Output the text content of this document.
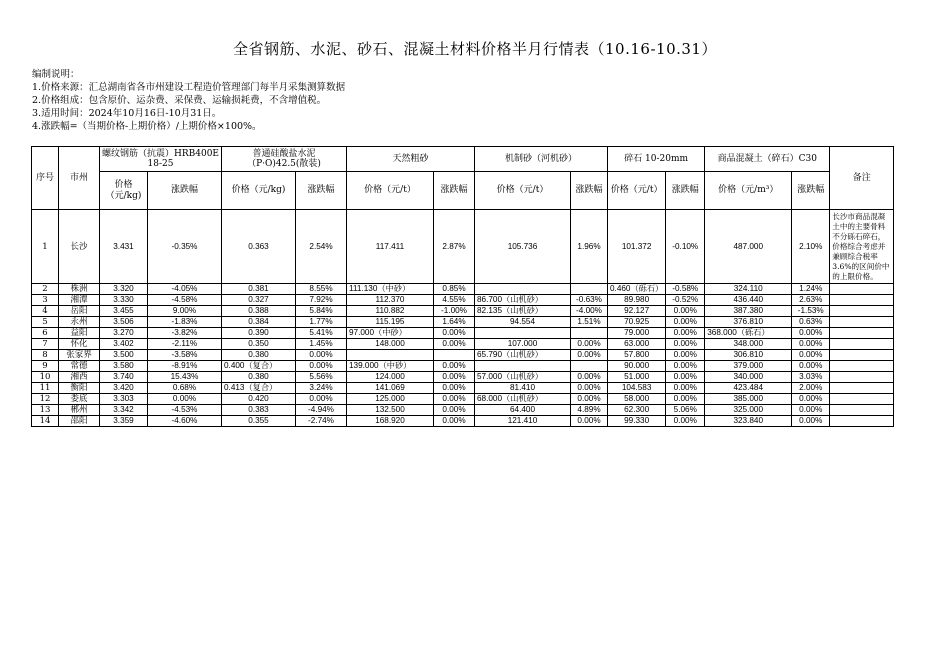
全省钢筋、水泥、砂石、混凝土材料价格半月行情表（10.16-10.31）
编制说明：
1.价格来源：汇总湖南省各市州建设工程造价管理部门每半月采集测算数据
2.价格组成：包含原价、运杂费、采保费、运输损耗费，不含增值税。
3.适用时间：2024年10月16日-10月31日。
4.涨跌幅=（当期价格-上期价格）/上期价格×100%。
序号	市州	螺纹钢筋（抗震）HRB400E 18-25		普通硅酸盐水泥（P·O)42.5(散装)		天然粗砂		机制砂（河机砂）		碎石 10-20mm		商品混凝土（碎石）C30		备注
		价格（元/kg)	涨跌幅	价格（元/kg)	涨跌幅	价格（元/t）	涨跌幅	价格（元/t）	涨跌幅	价格（元/t）	涨跌幅	价格（元/m³）	涨跌幅	
1	长沙	3.431	-0.35%	0.363	2.54%	117.411	2.87%	105.736	1.96%	101.372	-0.10%	487.000	2.10%	长沙市商品混凝土中的主要骨料不分砾石碎石，价格综合考虑并兼顾综合税率3.6%的区间价中的上限价格。
2	株洲	3.320	-4.05%	0.381	8.55%	111.130（中砂）	0.85%			0.460（砾石）	-0.58%	324.110	1.24%	
3	湘潭	3.330	-4.58%	0.327	7.92%	112.370	4.55%	86.700（山机砂）	-0.63%	89.980	-0.52%	436.440	2.63%	
4	岳阳	3.455	9.00%	0.388	5.84%	110.882	-1.00%	82.135（山机砂）	-4.00%	92.127	0.00%	387.380	-1.53%	
5	永州	3.506	-1.83%	0.384	1.77%	115.195	1.64%	94.554	1.51%	70.925	0.00%	376.810	0.63%	
6	益阳	3.270	-3.82%	0.390	5.41%	97.000（中砂）	0.00%			79.000	0.00%	368.000（砾石）	0.00%	
7	怀化	3.402	-2.11%	0.350	1.45%	148.000	0.00%	107.000	0.00%	63.000	0.00%	348.000	0.00%	
8	张家界	3.500	-3.58%	0.380	0.00%			65.790（山机砂）	0.00%	57.800	0.00%	306.810	0.00%	
9	常德	3.580	-8.91%	0.400（复合）	0.00%	139.000（中砂）	0.00%			90.000	0.00%	379.000	0.00%	
10	湘西	3.740	15.43%	0.380	5.56%	124.000	0.00%	57.000（山机砂）	0.00%	51.000	0.00%	340.000	3.03%	
11	衡阳	3.420	0.68%	0.413（复合）	3.24%	141.069	0.00%	81.410	0.00%	104.583	0.00%	423.484	2.00%	
12	娄底	3.303	0.00%	0.420	0.00%	125.000	0.00%	68.000（山机砂）	0.00%	58.000	0.00%	385.000	0.00%	
13	郴州	3.342	-4.53%	0.383	-4.94%	132.500	0.00%	64.400	4.89%	62.300	5.06%	325.000	0.00%	
14	邵阳	3.359	-4.60%	0.355	-2.74%	168.920	0.00%	121.410	0.00%	99.330	0.00%	323.840	0.00%	
